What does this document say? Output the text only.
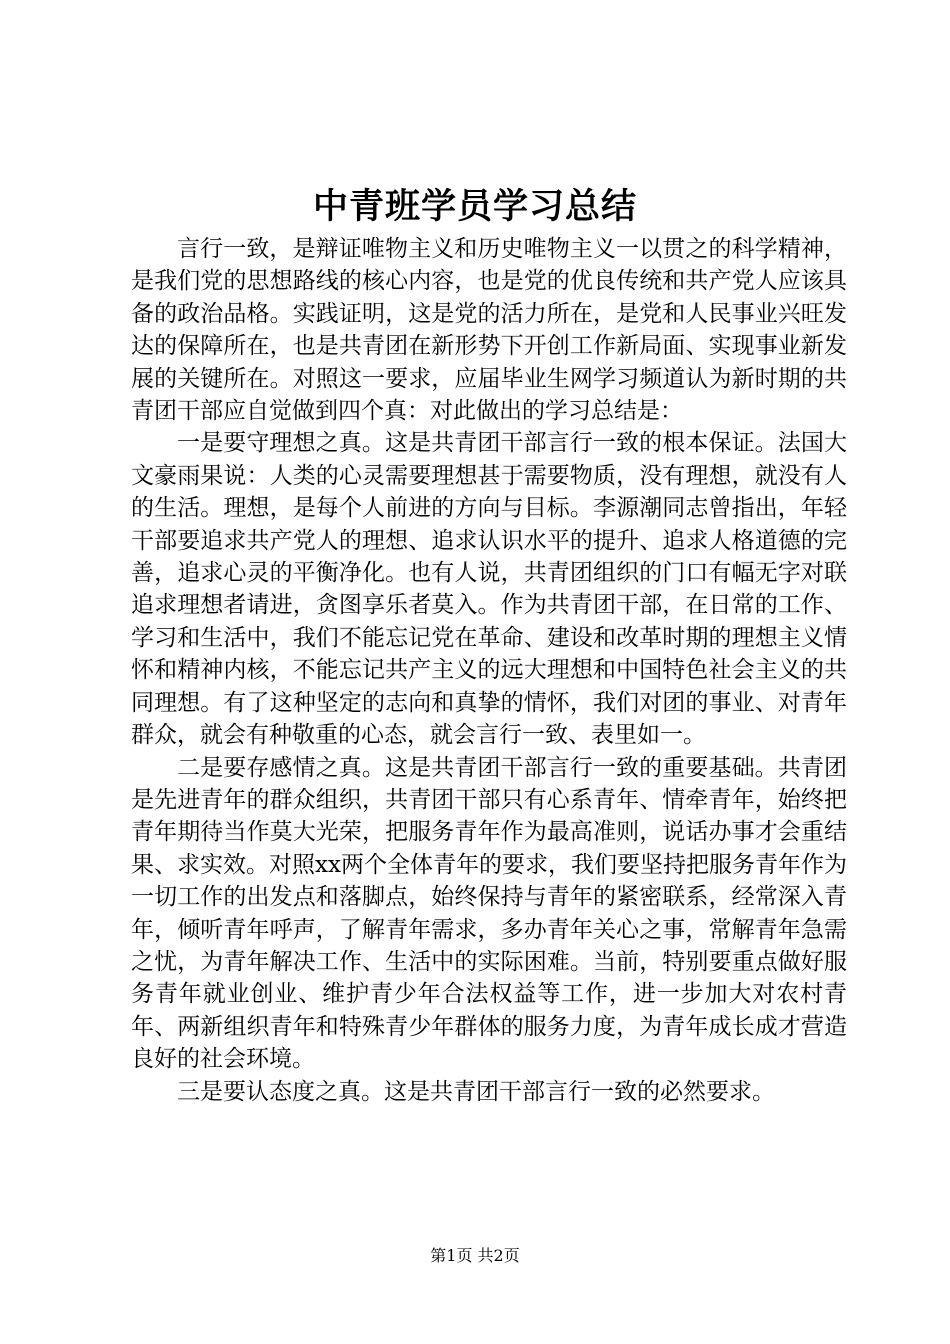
中青班学员学习总结

言行一致，是辩证唯物主义和历史唯物主义一以贯之的科学精神，是我们党的思想路线的核心内容，也是党的优良传统和共产党人应该具备的政治品格。实践证明，这是党的活力所在，是党和人民事业兴旺发达的保障所在，也是共青团在新形势下开创工作新局面、实现事业新发展的关键所在。对照这一要求，应届毕业生网学习频道认为新时期的共青团干部应自觉做到四个真：对此做出的学习总结是：

一是要守理想之真。这是共青团干部言行一致的根本保证。法国大文豪雨果说：人类的心灵需要理想甚于需要物质，没有理想，就没有人的生活。理想，是每个人前进的方向与目标。李源潮同志曾指出，年轻干部要追求共产党人的理想、追求认识水平的提升、追求人格道德的完善，追求心灵的平衡净化。也有人说，共青团组织的门口有幅无字对联追求理想者请进，贪图享乐者莫入。作为共青团干部，在日常的工作、学习和生活中，我们不能忘记党在革命、建设和改革时期的理想主义情怀和精神内核，不能忘记共产主义的远大理想和中国特色社会主义的共同理想。有了这种坚定的志向和真挚的情怀，我们对团的事业、对青年群众，就会有种敬重的心态，就会言行一致、表里如一。

二是要存感情之真。这是共青团干部言行一致的重要基础。共青团是先进青年的群众组织，共青团干部只有心系青年、情牵青年，始终把青年期待当作莫大光荣，把服务青年作为最高准则，说话办事才会重结果、求实效。对照xx两个全体青年的要求，我们要坚持把服务青年作为一切工作的出发点和落脚点，始终保持与青年的紧密联系，经常深入青年，倾听青年呼声，了解青年需求，多办青年关心之事，常解青年急需之忧，为青年解决工作、生活中的实际困难。当前，特别要重点做好服务青年就业创业、维护青少年合法权益等工作，进一步加大对农村青年、两新组织青年和特殊青少年群体的服务力度，为青年成长成才营造良好的社会环境。

三是要认态度之真。这是共青团干部言行一致的必然要求。

第1页 共2页
